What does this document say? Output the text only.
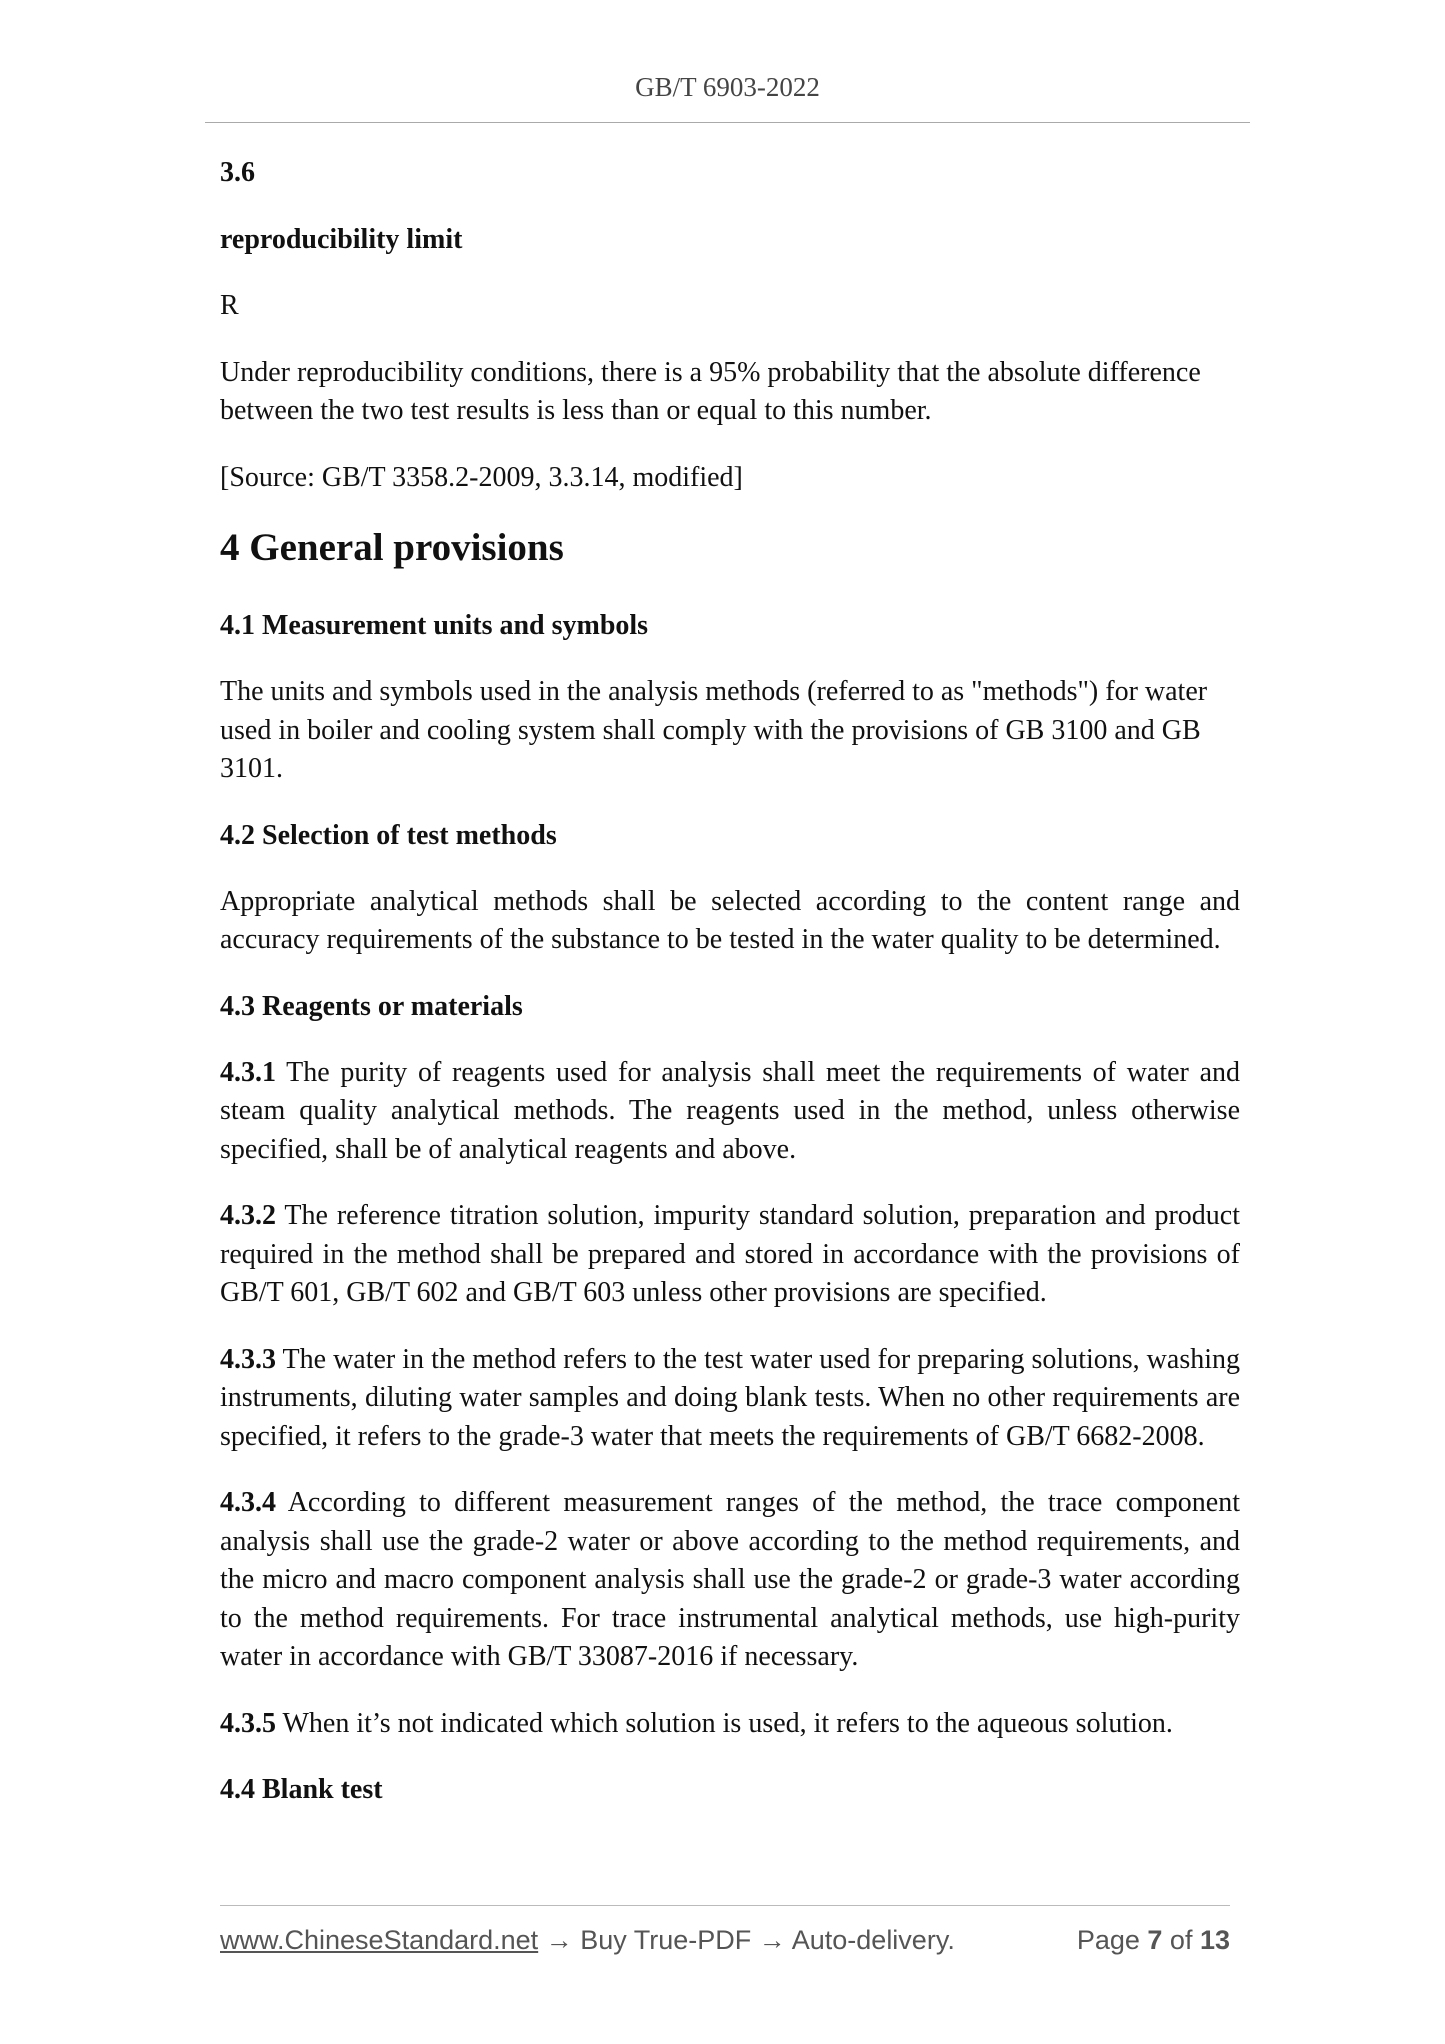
GB/T 6903-2022
3.6
reproducibility limit
R
Under reproducibility conditions, there is a 95% probability that the absolute difference between the two test results is less than or equal to this number.
[Source: GB/T 3358.2-2009, 3.3.14, modified]
4 General provisions
4.1 Measurement units and symbols
The units and symbols used in the analysis methods (referred to as "methods") for water used in boiler and cooling system shall comply with the provisions of GB 3100 and GB 3101.
4.2 Selection of test methods
Appropriate analytical methods shall be selected according to the content range and accuracy requirements of the substance to be tested in the water quality to be determined.
4.3 Reagents or materials
4.3.1 The purity of reagents used for analysis shall meet the requirements of water and steam quality analytical methods. The reagents used in the method, unless otherwise specified, shall be of analytical reagents and above.
4.3.2 The reference titration solution, impurity standard solution, preparation and product required in the method shall be prepared and stored in accordance with the provisions of GB/T 601, GB/T 602 and GB/T 603 unless other provisions are specified.
4.3.3 The water in the method refers to the test water used for preparing solutions, washing instruments, diluting water samples and doing blank tests. When no other requirements are specified, it refers to the grade-3 water that meets the requirements of GB/T 6682-2008.
4.3.4 According to different measurement ranges of the method, the trace component analysis shall use the grade-2 water or above according to the method requirements, and the micro and macro component analysis shall use the grade-2 or grade-3 water according to the method requirements. For trace instrumental analytical methods, use high-purity water in accordance with GB/T 33087-2016 if necessary.
4.3.5 When it’s not indicated which solution is used, it refers to the aqueous solution.
4.4 Blank test
www.ChineseStandard.net → Buy True-PDF → Auto-delivery.	Page 7 of 13
